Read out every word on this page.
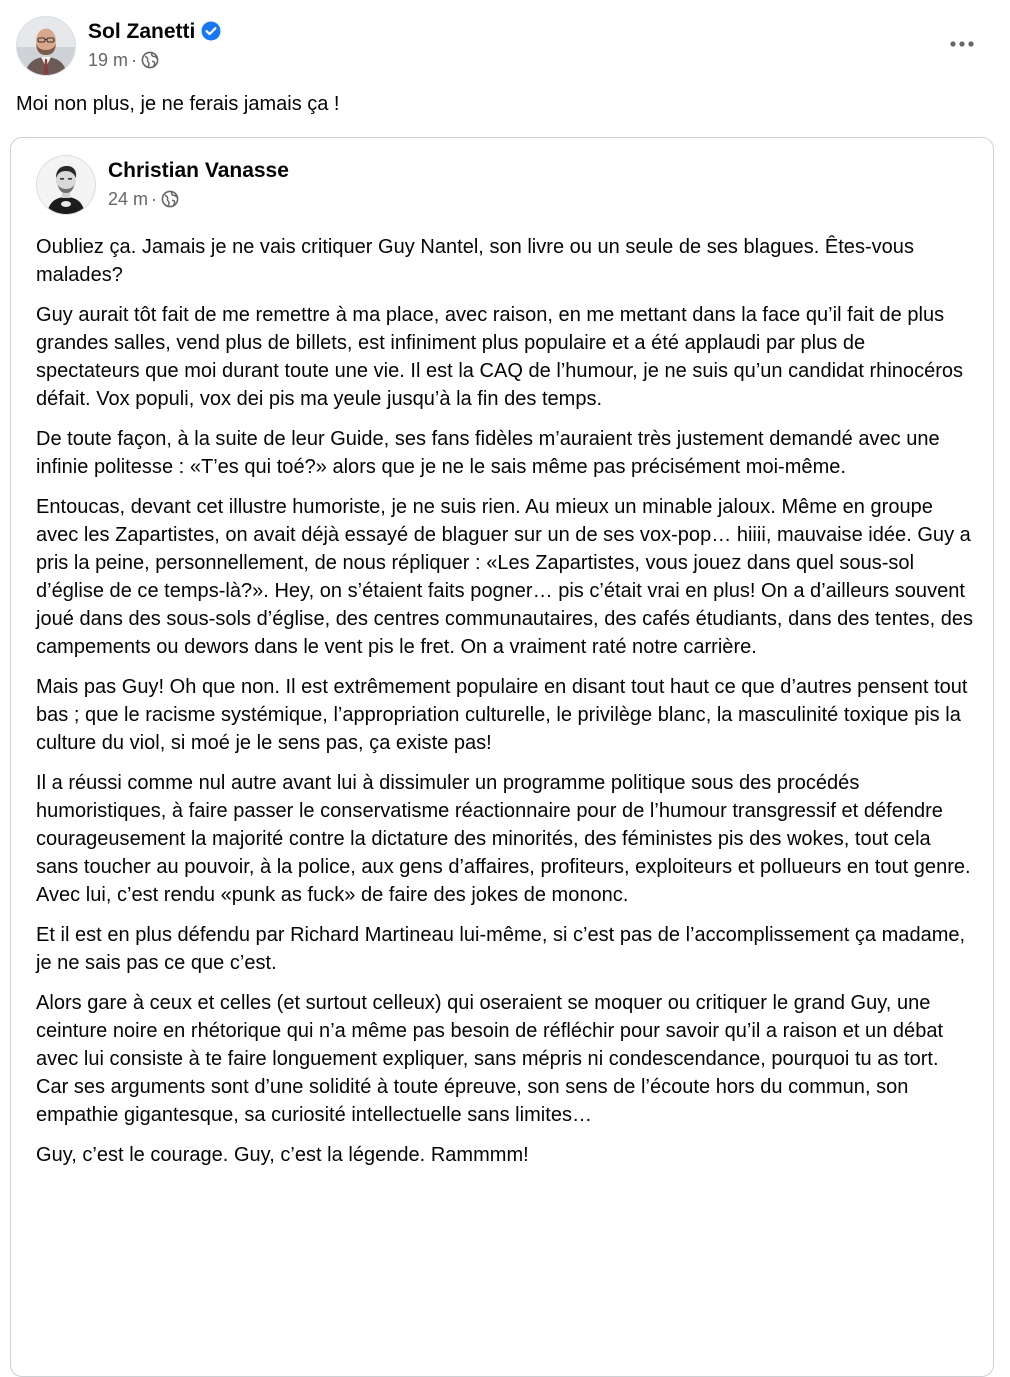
Sol Zanetti
19 m ·
Moi non plus, je ne ferais jamais ça !
Christian Vanasse
24 m ·

Oubliez ça. Jamais je ne vais critiquer Guy Nantel, son livre ou un seule de ses blagues. Êtes-vous malades?

Guy aurait tôt fait de me remettre à ma place, avec raison, en me mettant dans la face qu’il fait de plus grandes salles, vend plus de billets, est infiniment plus populaire et a été applaudi par plus de spectateurs que moi durant toute une vie. Il est la CAQ de l’humour, je ne suis qu’un candidat rhinocéros défait. Vox populi, vox dei pis ma yeule jusqu’à la fin des temps.

De toute façon, à la suite de leur Guide, ses fans fidèles m’auraient très justement demandé avec une infinie politesse : «T’es qui toé?» alors que je ne le sais même pas précisément moi-même.

Entoucas, devant cet illustre humoriste, je ne suis rien. Au mieux un minable jaloux. Même en groupe avec les Zapartistes, on avait déjà essayé de blaguer sur un de ses vox-pop… hiiii, mauvaise idée. Guy a pris la peine, personnellement, de nous répliquer : «Les Zapartistes, vous jouez dans quel sous-sol d’église de ce temps-là?». Hey, on s’étaient faits pogner… pis c’était vrai en plus! On a d’ailleurs souvent joué dans des sous-sols d’église, des centres communautaires, des cafés étudiants, dans des tentes, des campements ou dewors dans le vent pis le fret. On a vraiment raté notre carrière.

Mais pas Guy! Oh que non. Il est extrêmement populaire en disant tout haut ce que d’autres pensent tout bas ; que le racisme systémique, l’appropriation culturelle, le privilège blanc, la masculinité toxique pis la culture du viol, si moé je le sens pas, ça existe pas!

Il a réussi comme nul autre avant lui à dissimuler un programme politique sous des procédés humoristiques, à faire passer le conservatisme réactionnaire pour de l’humour transgressif et défendre courageusement la majorité contre la dictature des minorités, des féministes pis des wokes, tout cela sans toucher au pouvoir, à la police, aux gens d’affaires, profiteurs, exploiteurs et pollueurs en tout genre. Avec lui, c’est rendu «punk as fuck» de faire des jokes de mononc.

Et il est en plus défendu par Richard Martineau lui-même, si c’est pas de l’accomplissement ça madame, je ne sais pas ce que c’est.

Alors gare à ceux et celles (et surtout celleux) qui oseraient se moquer ou critiquer le grand Guy, une ceinture noire en rhétorique qui n’a même pas besoin de réfléchir pour savoir qu’il a raison et un débat avec lui consiste à te faire longuement expliquer, sans mépris ni condescendance, pourquoi tu as tort. Car ses arguments sont d’une solidité à toute épreuve, son sens de l’écoute hors du commun, son empathie gigantesque, sa curiosité intellectuelle sans limites…

Guy, c’est le courage. Guy, c’est la légende. Rammmm!
